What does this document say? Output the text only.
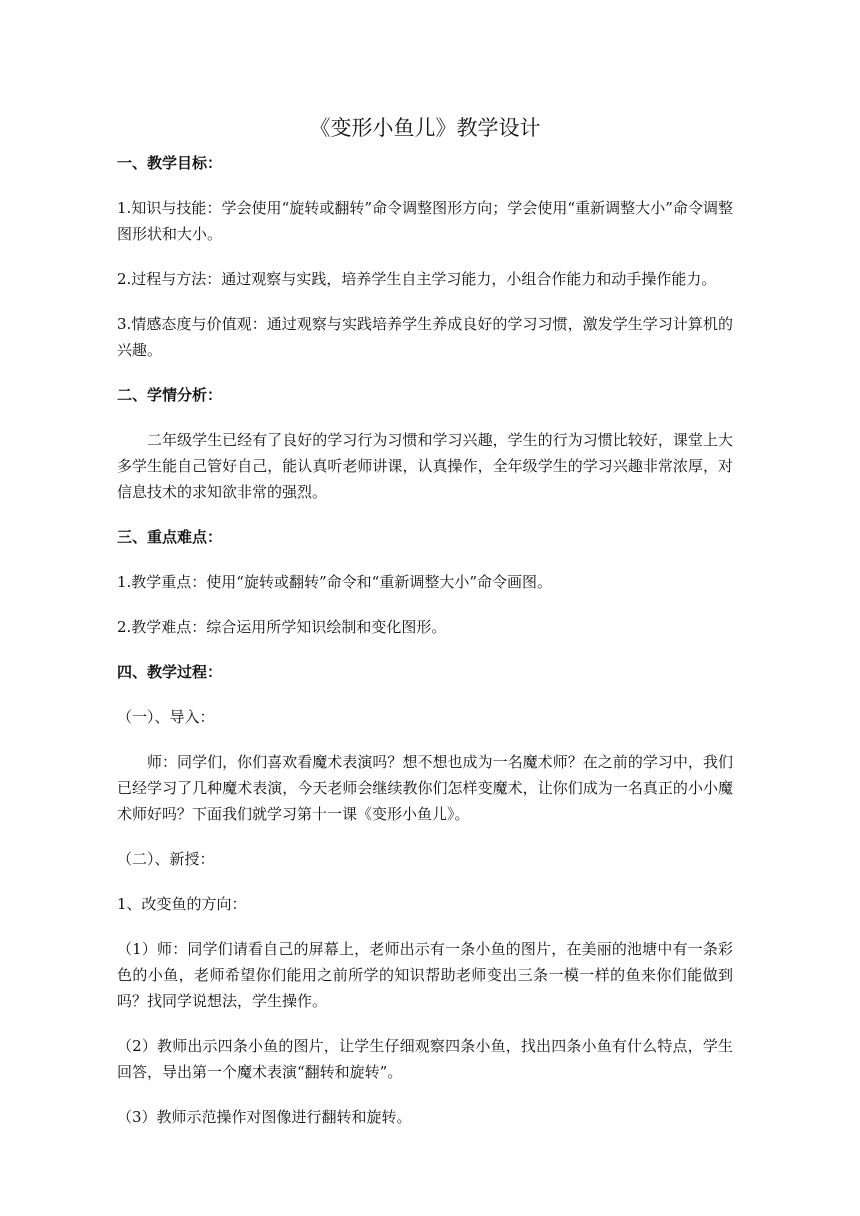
《变形小鱼儿》教学设计
一、教学目标：
1.知识与技能：学会使用“旋转或翻转”命令调整图形方向；学会使用“重新调整大小”命令调整图形状和大小。
2.过程与方法：通过观察与实践，培养学生自主学习能力，小组合作能力和动手操作能力。
3.情感态度与价值观：通过观察与实践培养学生养成良好的学习习惯，激发学生学习计算机的兴趣。
二、学情分析：
二年级学生已经有了良好的学习行为习惯和学习兴趣，学生的行为习惯比较好，课堂上大多学生能自己管好自己，能认真听老师讲课，认真操作，全年级学生的学习兴趣非常浓厚，对信息技术的求知欲非常的强烈。
三、重点难点：
1.教学重点：使用“旋转或翻转”命令和“重新调整大小”命令画图。
2.教学难点：综合运用所学知识绘制和变化图形。
四、教学过程：
（一）、导入：
师：同学们，你们喜欢看魔术表演吗？想不想也成为一名魔术师？在之前的学习中，我们已经学习了几种魔术表演，今天老师会继续教你们怎样变魔术，让你们成为一名真正的小小魔术师好吗？下面我们就学习第十一课《变形小鱼儿》。
（二）、新授：
1、改变鱼的方向：
（1）师：同学们请看自己的屏幕上，老师出示有一条小鱼的图片，在美丽的池塘中有一条彩色的小鱼，老师希望你们能用之前所学的知识帮助老师变出三条一模一样的鱼来你们能做到吗？找同学说想法，学生操作。
（2）教师出示四条小鱼的图片，让学生仔细观察四条小鱼，找出四条小鱼有什么特点，学生回答，导出第一个魔术表演“翻转和旋转”。
（3）教师示范操作对图像进行翻转和旋转。
